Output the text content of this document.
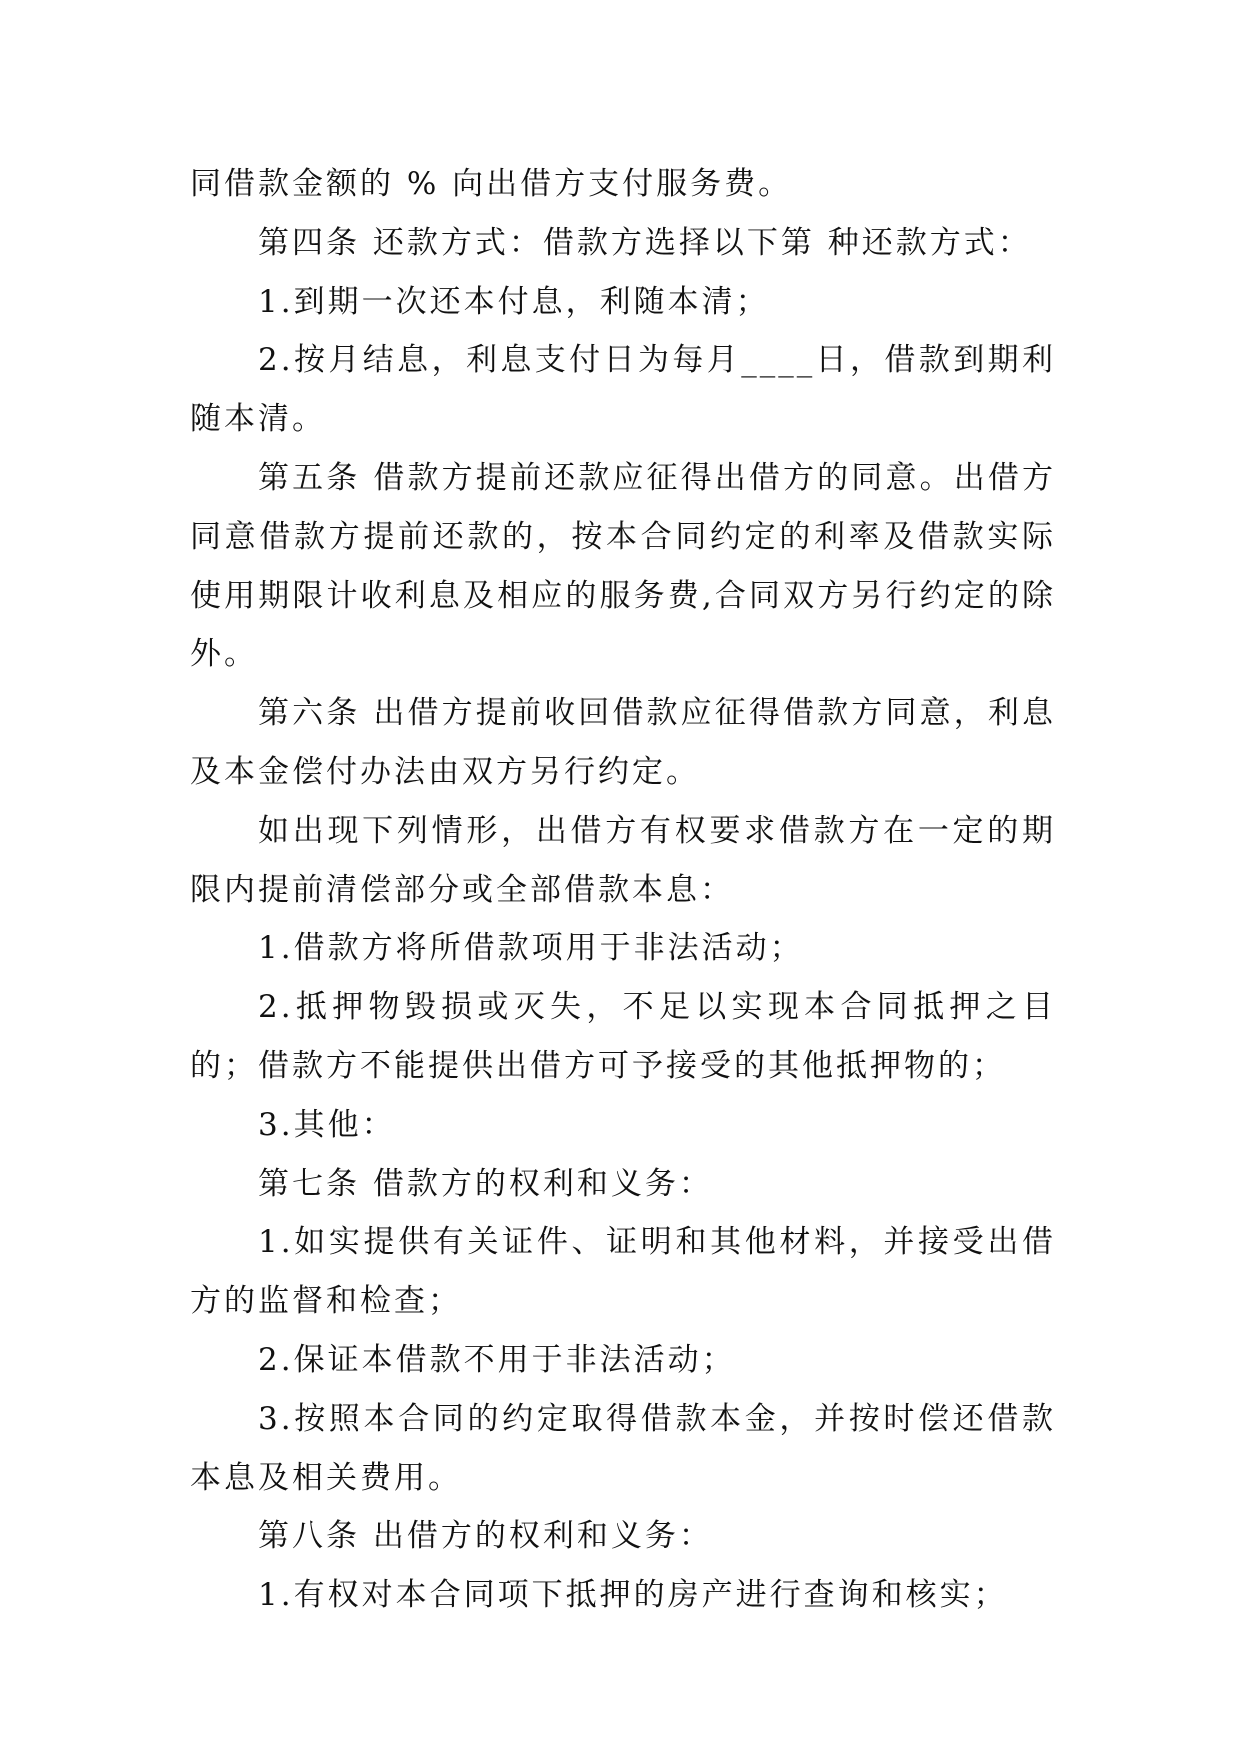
同借款金额的 % 向出借方支付服务费。

第四条 还款方式：借款方选择以下第 种还款方式：

1.到期一次还本付息，利随本清；

2.按月结息，利息支付日为每月____日，借款到期利随本清。

第五条 借款方提前还款应征得出借方的同意。出借方同意借款方提前还款的，按本合同约定的利率及借款实际使用期限计收利息及相应的服务费,合同双方另行约定的除外。

第六条 出借方提前收回借款应征得借款方同意，利息及本金偿付办法由双方另行约定。

如出现下列情形，出借方有权要求借款方在一定的期限内提前清偿部分或全部借款本息：

1.借款方将所借款项用于非法活动；

2.抵押物毁损或灭失，不足以实现本合同抵押之目的；借款方不能提供出借方可予接受的其他抵押物的；

3.其他：

第七条 借款方的权利和义务：

1.如实提供有关证件、证明和其他材料，并接受出借方的监督和检查；

2.保证本借款不用于非法活动；

3.按照本合同的约定取得借款本金，并按时偿还借款本息及相关费用。

第八条 出借方的权利和义务：

1.有权对本合同项下抵押的房产进行查询和核实；
